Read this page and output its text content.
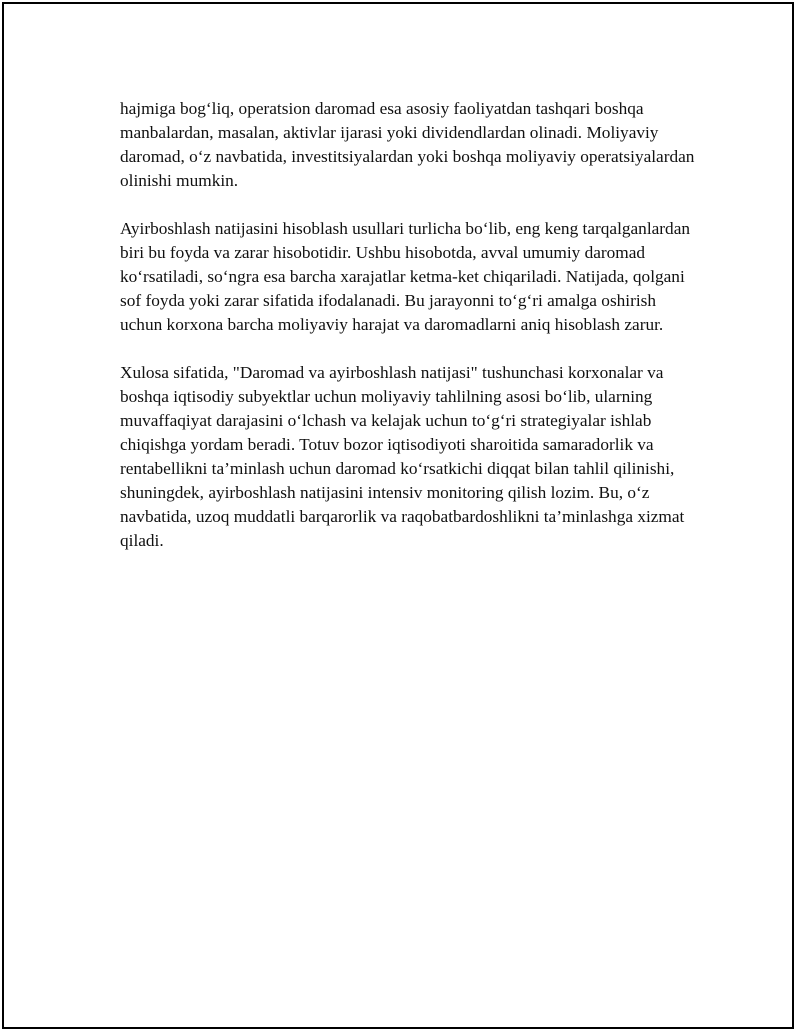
hajmiga bog‘liq, operatsion daromad esa asosiy faoliyatdan tashqari boshqa manbalardan, masalan, aktivlar ijarasi yoki dividendlardan olinadi. Moliyaviy daromad, o‘z navbatida, investitsiyalardan yoki boshqa moliyaviy operatsiyalardan olinishi mumkin.

Ayirboshlash natijasini hisoblash usullari turlicha bo‘lib, eng keng tarqalganlardan biri bu foyda va zarar hisobotidir. Ushbu hisobotda, avval umumiy daromad ko‘rsatiladi, so‘ngra esa barcha xarajatlar ketma-ket chiqariladi. Natijada, qolgani sof foyda yoki zarar sifatida ifodalanadi. Bu jarayonni to‘g‘ri amalga oshirish uchun korxona barcha moliyaviy harajat va daromadlarni aniq hisoblash zarur.

Xulosa sifatida, "Daromad va ayirboshlash natijasi" tushunchasi korxonalar va boshqa iqtisodiy subyektlar uchun moliyaviy tahlilning asosi bo‘lib, ularning muvaffaqiyat darajasini o‘lchash va kelajak uchun to‘g‘ri strategiyalar ishlab chiqishga yordam beradi. Totuv bozor iqtisodiyoti sharoitida samaradorlik va rentabellikni ta’minlash uchun daromad ko‘rsatkichi diqqat bilan tahlil qilinishi, shuningdek, ayirboshlash natijasini intensiv monitoring qilish lozim. Bu, o‘z navbatida, uzoq muddatli barqarorlik va raqobatbardoshlikni ta’minlashga xizmat qiladi.
